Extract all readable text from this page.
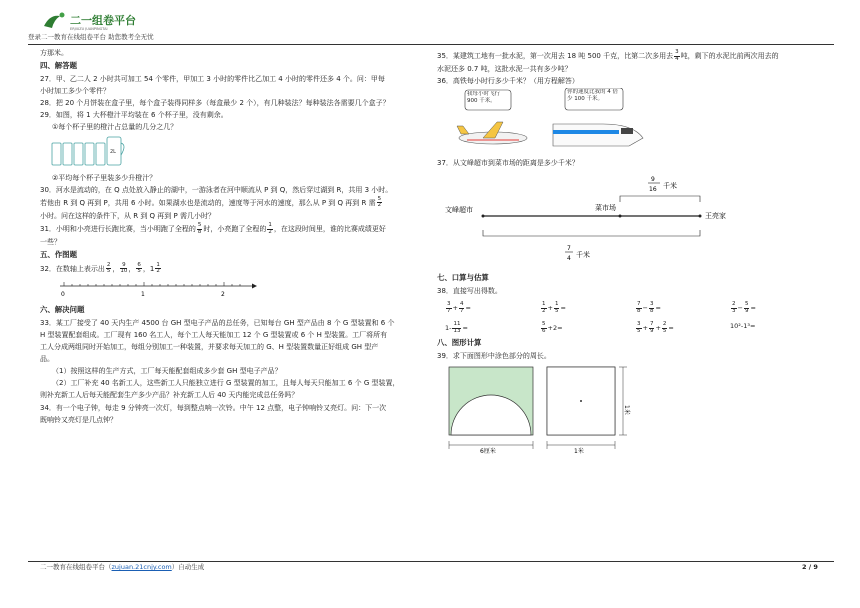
二一组卷平台
ERJIUZU JUANPINGTAI
登录二一教育在线组卷平台 助您教考全无忧

方那米。

四、解答题

27．甲、乙二人 2 小时共可加工 54 个零件，甲加工 3 小时的零件比乙加工 4 小时的零件还多 4 个。问：甲每

小时加工多少个零件？

28．把 20 个月饼装在盒子里，每个盒子装得同样多（每盒最少 2 个），有几种装法？每种装法各需要几个盒子？

29．如图，将 1 大杯橙汁平均装在 6 个杯子里，没有剩余。

①每个杯子里的橙汁占总量的几分之几？

2L

②平均每个杯子里装多少升橙汁？

30．河水是流动的，在 Q 点处放入静止的湖中，一游泳者在河中顺流从 P 到 Q，然后穿过湖到 R，共用 3 小时。

若他由 R 到 Q 再到 P，共用 6 小时。如果湖水也是流动的，速度等于河水的速度，那么从 P 到 Q 再到 R 需 $\frac{5}{2}$

小时。问在这样的条件下，从 R 到 Q 再到 P 需几小时？

31．小明和小亮进行长跑比赛，当小明跑了全程的 $\frac{5}{8}$ 时，小亮跑了全程的 $\frac{1}{2}$ ，在这段时间里，谁的比赛成绩更好

一些？

五、作图题

32．在数轴上表示出 $\frac{2}{5}$ ， $\frac{9}{10}$ ， $\frac{6}{5}$ ，$1 \frac{1}{2}$

0	1	2

六、解决问题

33．某工厂接受了 40 天内生产 4500 台 GH 型电子产品的总任务，已知每台 GH 型产品由 8 个 G 型装置和 6 个

H 型装置配套组成。工厂现有 160 名工人，每个工人每天能加工 12 个 G 型装置或 6 个 H 型装置。工厂将所有

工人分成两组同时开始加工，每组分别加工一种装置，并要求每天加工的 G、H 型装置数量正好组成 GH 型产

品。

（1）按照这样的生产方式，工厂每天能配套组成多少套 GH 型电子产品？

（2）工厂补充 40 名新工人，这些新工人只能独立进行 G 型装置的加工，且每人每天只能加工 6 个 G 型装置，

则补充新工人后每天能配套生产多少产品？补充新工人后 40 天内能完成总任务吗？

34．有一个电子钟，每走 9 分钟亮一次灯，每到整点响一次铃。中午 12 点整，电子钟响铃又亮灯。问：下一次

既响铃又亮灯是几点钟？

35．某建筑工地有一批水泥，第一次用去 18 吨 500 千克，比第二次多用去 $\frac{3}{4}$ 吨，剩下的水泥比前两次用去的

水泥还多 0.7 吨，这批水泥一共有多少吨？

36．高铁每小时行多少千米？（用方程解答）

我每小时飞行 900 千米。
你的速度比我的 4 倍少 100 千米。

37．从文峰超市到菜市场的距离是多少千米？

9
16 千米
文峰超市	菜市场
王亮家
7
4 千米

七、口算与估算

38．直接写出得数。

$\frac{3}{7} + \frac{4}{7}$ =	$\frac{1}{2} + \frac{1}{5}$ =	$\frac{7}{8} - \frac{3}{8}$ =	$\frac{2}{3} - \frac{5}{9}$ =
$1- \frac{11}{13}$ =	$\frac{5}{6} +2=$	$\frac{3}{5} + \frac{7}{9} + \frac{2}{5}$ =	10²-1³=

八、图形计算

39．求下面图形中涂色部分的周长。

6厘米	1米
1米
二一教育在线组卷平台（zujuan.21cnjy.com）自动生成	2 / 9
